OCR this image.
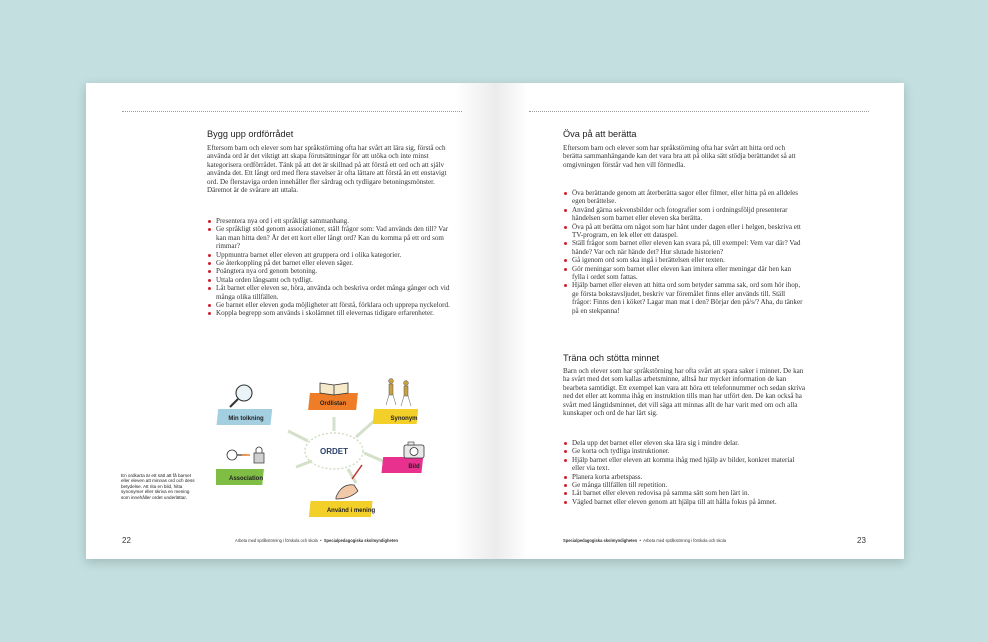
Bygg upp ordförrådet

Eftersom barn och elever som har språkstörning ofta har svårt att lära sig, förstå och använda ord är det viktigt att skapa förutsättningar för att utöka och inte minst kategorisera ordförrådet. Tänk på att det är skillnad på att förstå ett ord och att själv använda det. Ett långt ord med flera stavelser är ofta lättare att förstå än ett enstavigt ord. De flerstaviga orden innehåller fler särdrag och tydligare betoningsmönster. Däremot är de svårare att uttala.

Presentera nya ord i ett språkligt sammanhang.
Ge språkligt stöd genom associationer, ställ frågor som: Vad används den till? Var kan man hitta den? Är det ett kort eller långt ord? Kan du komma på ett ord som rimmar?
Uppmuntra barnet eller eleven att gruppera ord i olika kategorier.
Ge återkoppling på det barnet eller eleven säger.
Poängtera nya ord genom betoning.
Uttala orden långsamt och tydligt.
Låt barnet eller eleven se, höra, använda och beskriva ordet många gånger och vid många olika tillfällen.
Ge barnet eller eleven goda möjligheter att förstå, förklara och upprepa nyckelord.
Koppla begrepp som används i skolämnet till elevernas tidigare erfarenheter.
En ordkarta är ett sätt att få barnet eller eleven att minnas ord och dess betydelse. Att rita en bild, hitta synonymer eller skriva en mening som innehåller ordet underlättar.
ORDET
Ordlistan
Synonym
Bild
Använd i mening
Association
Min tolkning
22	Arbeta med språkstörning i förskola och skola  •  Specialpedagogiska skolmyndigheten
Öva på att berätta

Eftersom barn och elever som har språkstörning ofta har svårt att hitta ord och berätta sammanhängande kan det vara bra att på olika sätt stödja berättandet så att omgivningen förstår vad hen vill förmedla.

Öva berättande genom att återberätta sagor eller filmer, eller hitta på en alldeles egen berättelse.
Använd gärna sekvensbilder och fotografier som i ordningsföljd presenterar händelsen som barnet eller eleven ska berätta.
Öva på att berätta om något som har hänt under dagen eller i helgen, beskriva ett TV-program, en lek eller ett dataspel.
Ställ frågor som barnet eller eleven kan svara på, till exempel: Vem var där? Vad hände? Var och när hände det? Hur slutade historien?
Gå igenom ord som ska ingå i berättelsen eller texten.
Gör meningar som barnet eller eleven kan imitera eller meningar där hen kan fylla i ordet som fattas.
Hjälp barnet eller eleven att hitta ord som betyder samma sak, ord som hör ihop, ge första bokstavsljudet, beskriv var föremålet finns eller används till. Ställ frågor: Finns den i köket? Lagar man mat i den? Börjar den på/s/? Aha, du tänker på en stekpanna!
Träna och stötta minnet

Barn och elever som har språkstörning har ofta svårt att spara saker i minnet. De kan ha svårt med det som kallas arbetsminne, alltså hur mycket information de kan bearbeta samtidigt. Ett exempel kan vara att höra ett telefonnummer och sedan skriva ned det eller att komma ihåg en instruktion tills man har utfört den. De kan också ha svårt med långtidsminnet, det vill säga att minnas allt de har varit med om och alla kunskaper och ord de har lärt sig.

Dela upp det barnet eller eleven ska lära sig i mindre delar.
Ge korta och tydliga instruktioner.
Hjälp barnet eller eleven att komma ihåg med hjälp av bilder, konkret material eller via text.
Planera korta arbetspass.
Ge många tillfällen till repetition.
Låt barnet eller eleven redovisa på samma sätt som hen lärt in.
Vägled barnet eller eleven genom att hjälpa till att hålla fokus på ämnet.
Specialpedagogiska skolmyndigheten  •  Arbeta med språkstörning i förskola och skola	23
